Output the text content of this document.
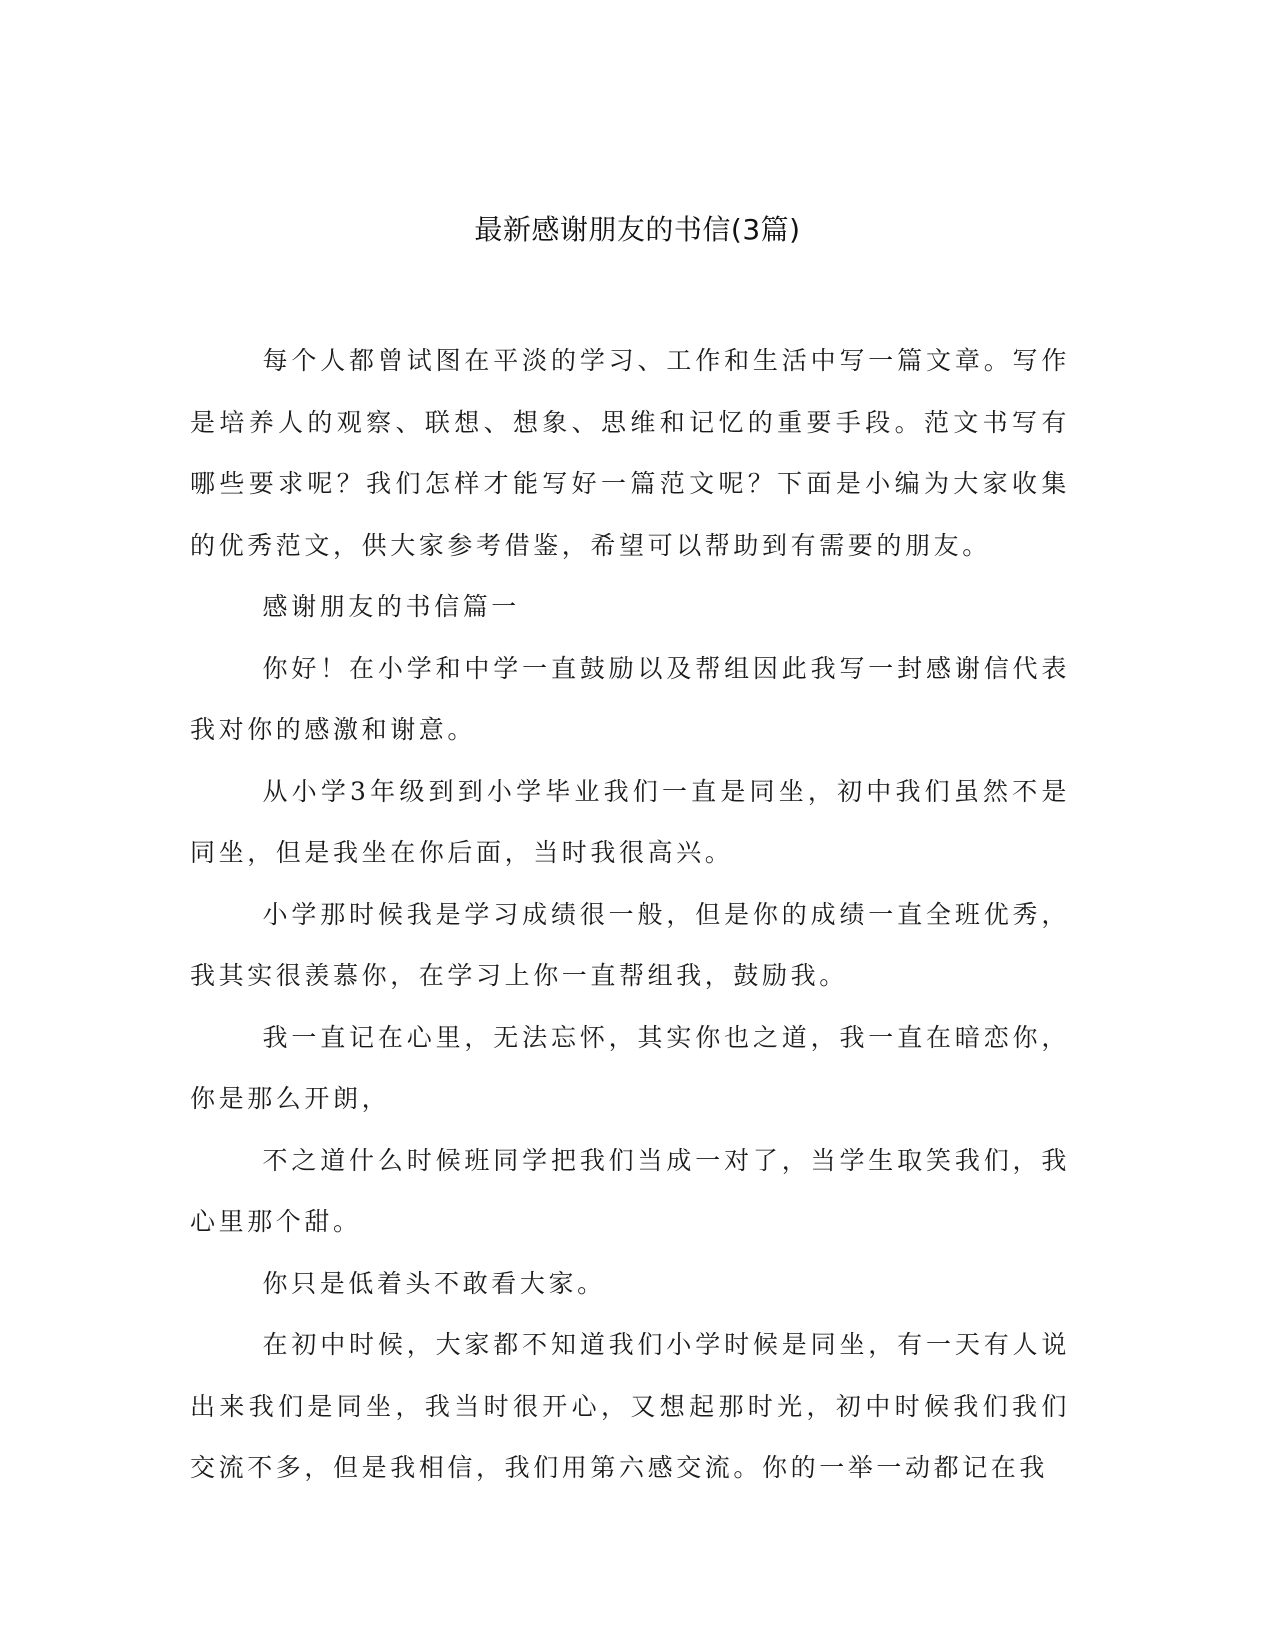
最新感谢朋友的书信(3篇)

每个人都曾试图在平淡的学习、工作和生活中写一篇文章。写作是培养人的观察、联想、想象、思维和记忆的重要手段。范文书写有哪些要求呢？我们怎样才能写好一篇范文呢？下面是小编为大家收集的优秀范文，供大家参考借鉴，希望可以帮助到有需要的朋友。

感谢朋友的书信篇一

你好！在小学和中学一直鼓励以及帮组因此我写一封感谢信代表我对你的感激和谢意。

从小学3年级到到小学毕业我们一直是同坐，初中我们虽然不是同坐，但是我坐在你后面，当时我很高兴。

小学那时候我是学习成绩很一般，但是你的成绩一直全班优秀，我其实很羡慕你，在学习上你一直帮组我，鼓励我。

我一直记在心里，无法忘怀，其实你也之道，我一直在暗恋你，你是那么开朗，

不之道什么时候班同学把我们当成一对了，当学生取笑我们，我心里那个甜。

你只是低着头不敢看大家。

在初中时候，大家都不知道我们小学时候是同坐，有一天有人说出来我们是同坐，我当时很开心，又想起那时光，初中时候我们我们交流不多，但是我相信，我们用第六感交流。你的一举一动都记在我
